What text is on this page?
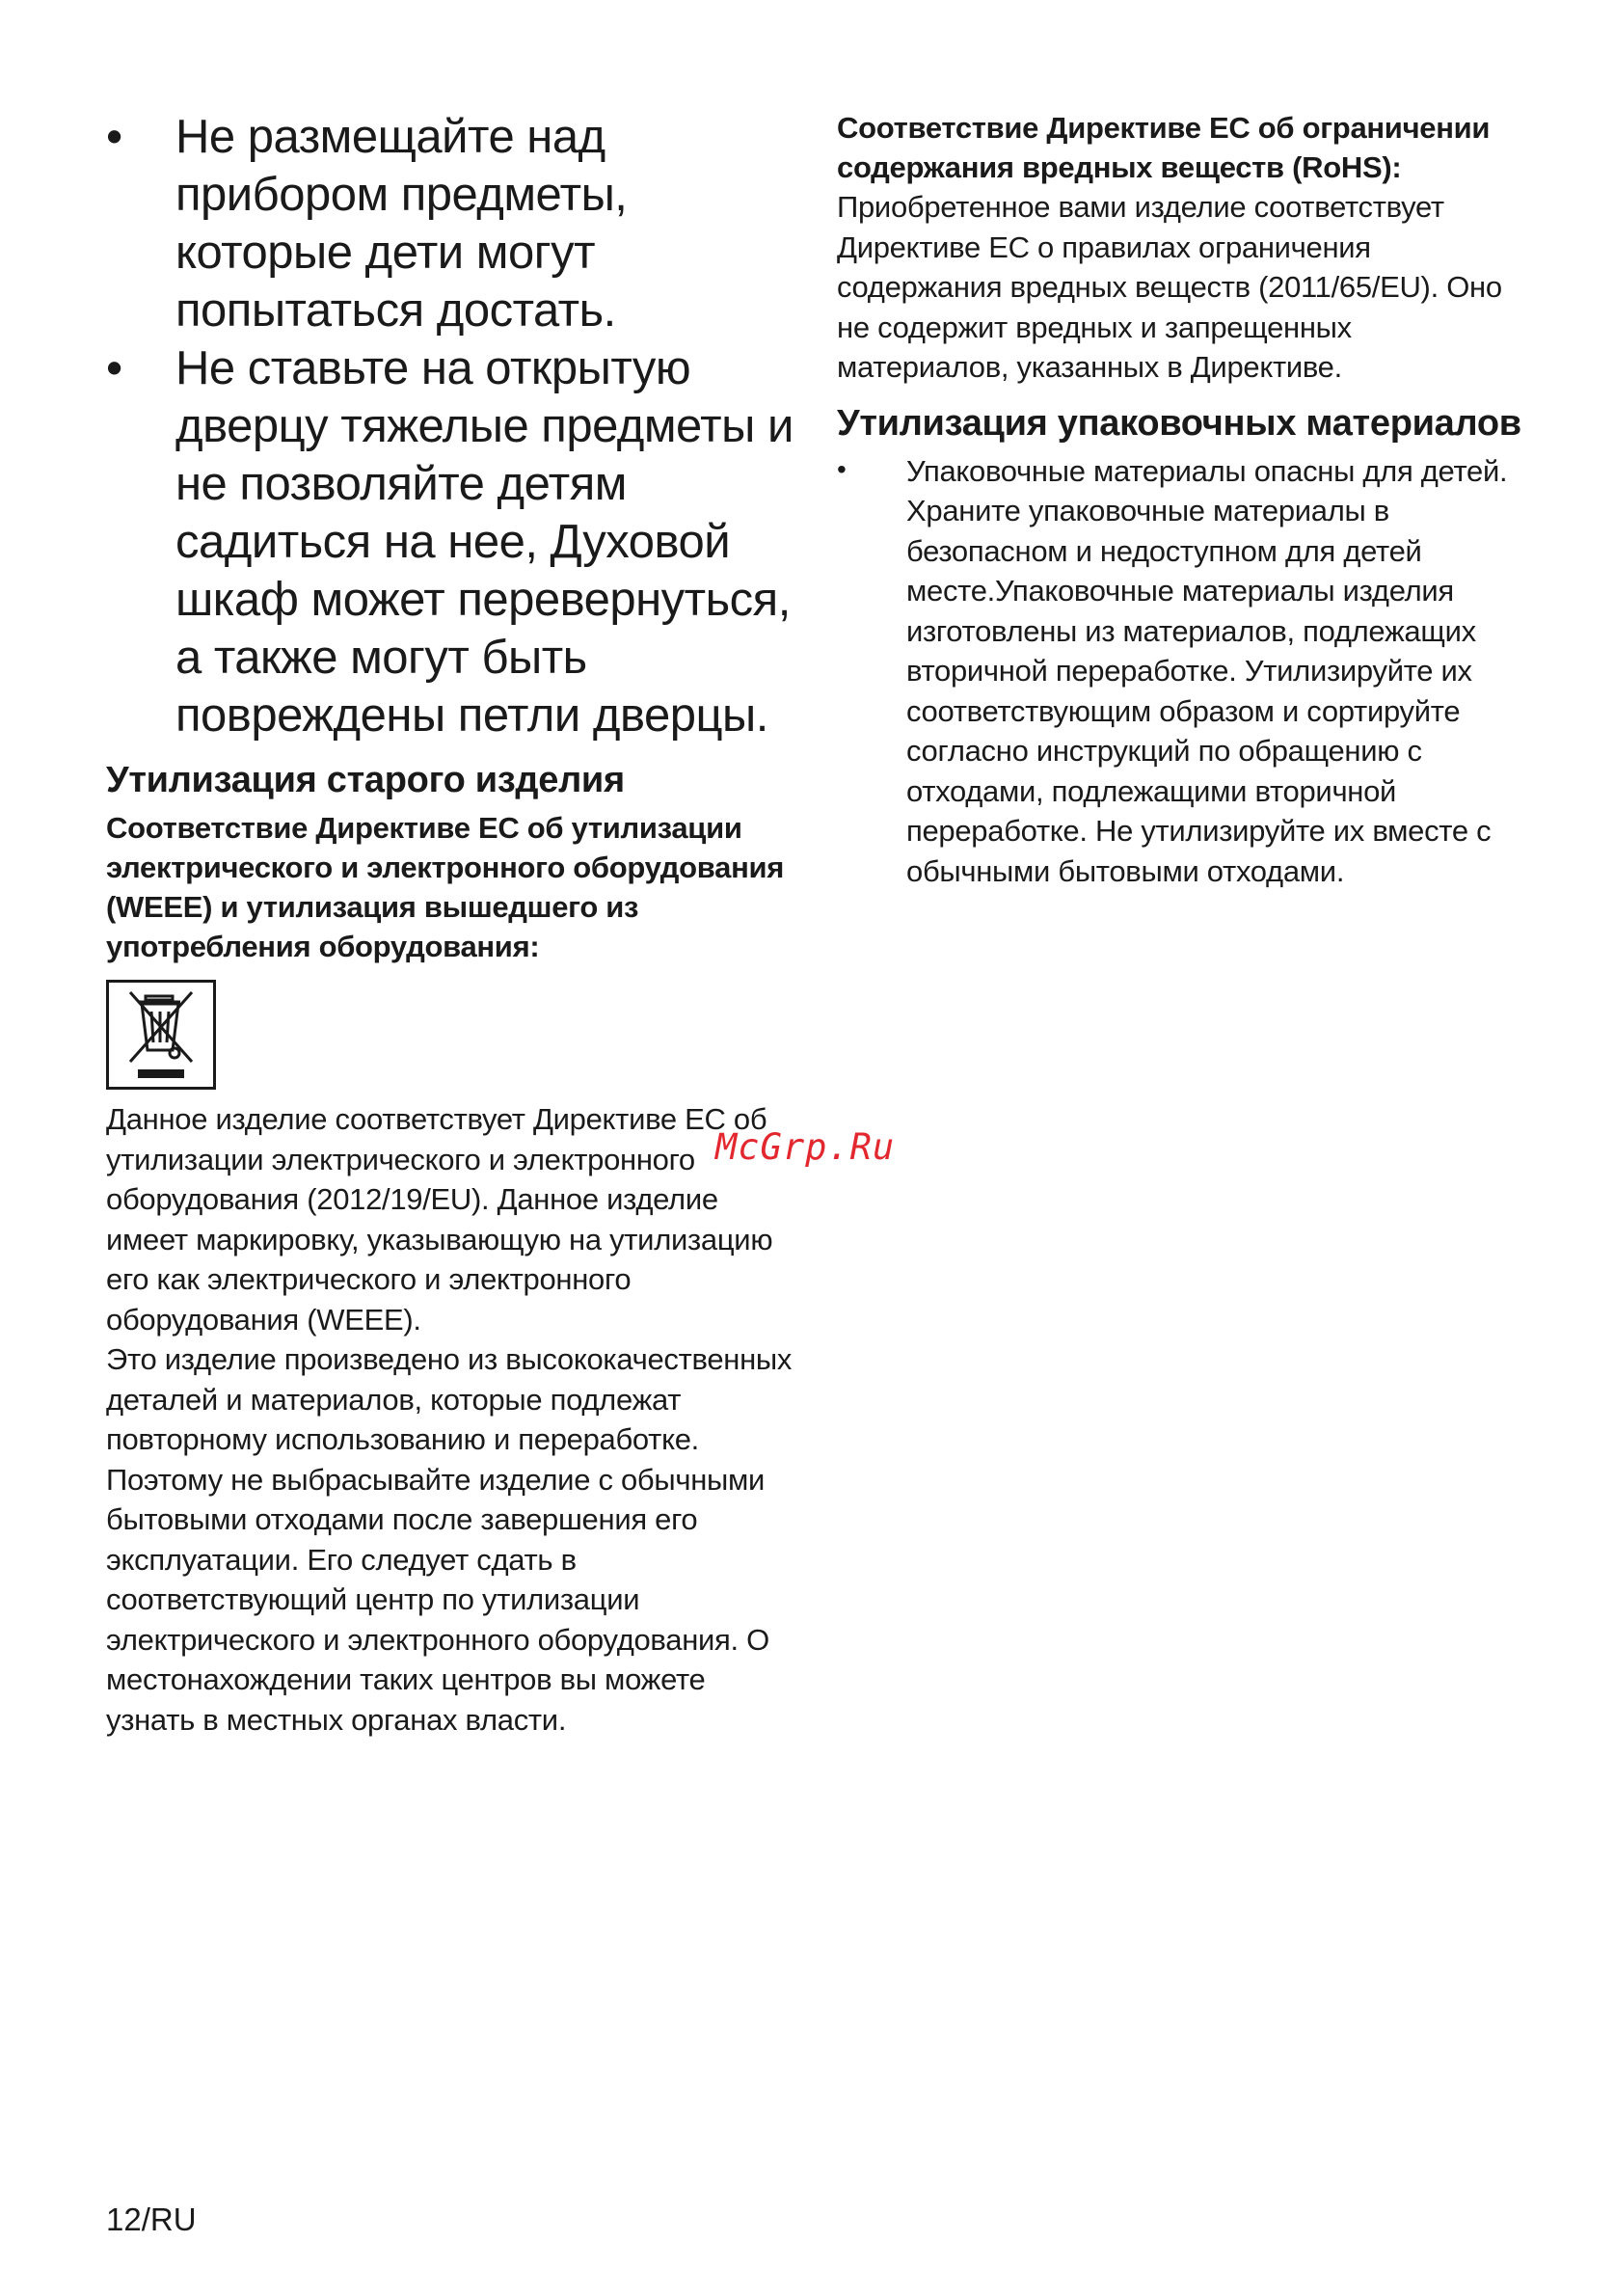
• Не размещайте над прибором предметы, которые дети могут попытаться достать.
• Не ставьте на открытую дверцу тяжелые предметы и не позволяйте детям садиться на нее, Духовой шкаф может перевернуться, а также могут быть повреждены петли дверцы.
Утилизация старого изделия

Соответствие Директиве ЕС об утилизации электрического и электронного оборудования (WEEE) и утилизация вышедшего из употребления оборудования:

Данное изделие соответствует Директиве ЕС об утилизации электрического и электронного оборудования (2012/19/EU). Данное изделие имеет маркировку, указывающую на утилизацию его как электрического и электронного оборудования (WEEE).

Это изделие произведено из высококачественных деталей и материалов, которые подлежат повторному использованию и переработке. Поэтому не выбрасывайте изделие с обычными бытовыми отходами после завершения его эксплуатации. Его следует сдать в соответствующий центр по утилизации электрического и электронного оборудования. О местонахождении таких центров вы можете узнать в местных органах власти.

Соответствие Директиве ЕС об ограничении содержания вредных веществ (RoHS):

Приобретенное вами изделие соответствует Директиве ЕС о правилах ограничения содержания вредных веществ (2011/65/EU). Оно не содержит вредных и запрещенных материалов, указанных в Директиве.

Утилизация упаковочных материалов
• Упаковочные материалы опасны для детей. Храните упаковочные материалы в безопасном и недоступном для детей месте.Упаковочные материалы изделия изготовлены из материалов, подлежащих вторичной переработке. Утилизируйте их соответствующим образом и сортируйте согласно инструкций по обращению с отходами, подлежащими вторичной переработке. Не утилизируйте их вместе с обычными бытовыми отходами.
McGrp.Ru
12/RU
